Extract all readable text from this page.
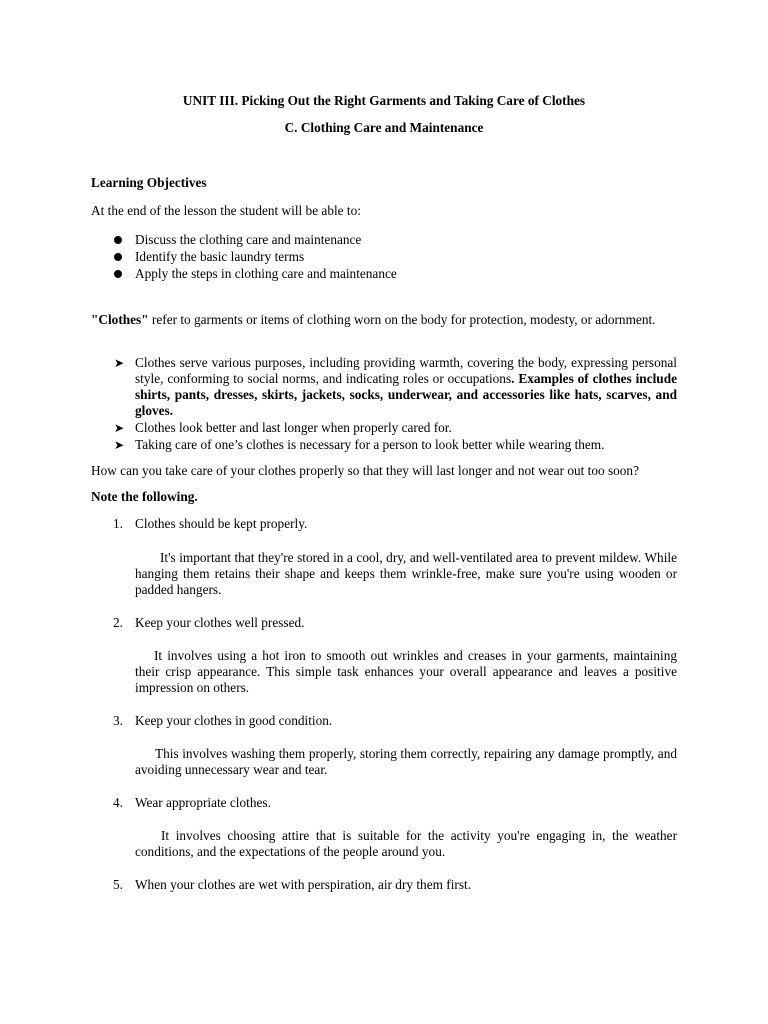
UNIT III. Picking Out the Right Garments and Taking Care of Clothes

C. Clothing Care and Maintenance

Learning Objectives

At the end of the lesson the student will be able to:

Discuss the clothing care and maintenance

Identify the basic laundry terms

Apply the steps in clothing care and maintenance

"Clothes" refer to garments or items of clothing worn on the body for protection, modesty, or adornment.

➤ Clothes serve various purposes, including providing warmth, covering the body, expressing personal style, conforming to social norms, and indicating roles or occupations. Examples of clothes include shirts, pants, dresses, skirts, jackets, socks, underwear, and accessories like hats, scarves, and gloves.

➤ Clothes look better and last longer when properly cared for.

➤ Taking care of one’s clothes is necessary for a person to look better while wearing them.

How can you take care of your clothes properly so that they will last longer and not wear out too soon?

Note the following.

1. Clothes should be kept properly.

It's important that they're stored in a cool, dry, and well-ventilated area to prevent mildew. While hanging them retains their shape and keeps them wrinkle-free, make sure you're using wooden or padded hangers.

2. Keep your clothes well pressed.

It involves using a hot iron to smooth out wrinkles and creases in your garments, maintaining their crisp appearance. This simple task enhances your overall appearance and leaves a positive impression on others.

3. Keep your clothes in good condition.

This involves washing them properly, storing them correctly, repairing any damage promptly, and avoiding unnecessary wear and tear.

4. Wear appropriate clothes.

It involves choosing attire that is suitable for the activity you're engaging in, the weather conditions, and the expectations of the people around you.

5. When your clothes are wet with perspiration, air dry them first.
